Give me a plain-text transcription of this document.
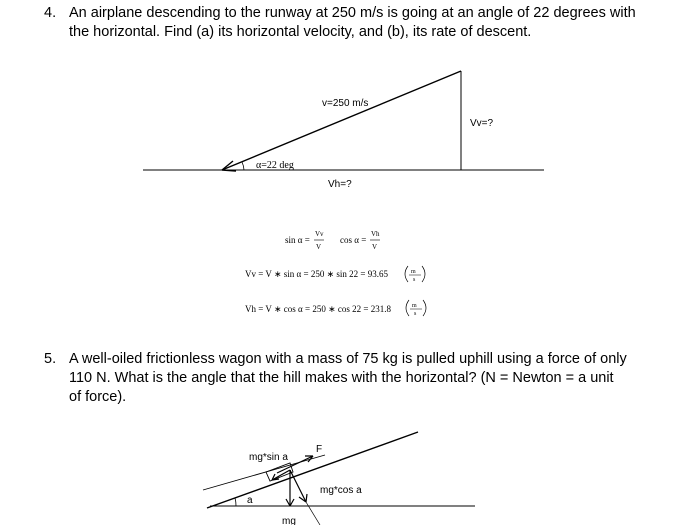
4. An airplane descending to the runway at 250 m/s is going at an angle of 22 degrees with the horizontal. Find (a) its horizontal velocity, and (b), its rate of descent.
v=250 m/s
Vv=?
Vh=?
α=22 deg
sin α =
Vv
V
cos α =
Vh
V
Vv = V ∗ sin α = 250 ∗ sin 22 = 93.65	m
s
Vh = V ∗ cos α = 250 ∗ cos 22 = 231.8	m
s
F
mg*sin a
mg*cos a
a
mg
5. A well-oiled frictionless wagon with a mass of 75 kg is pulled uphill using a force of only 110 N. What is the angle that the hill makes with the horizontal? (N = Newton = a unit of force).
